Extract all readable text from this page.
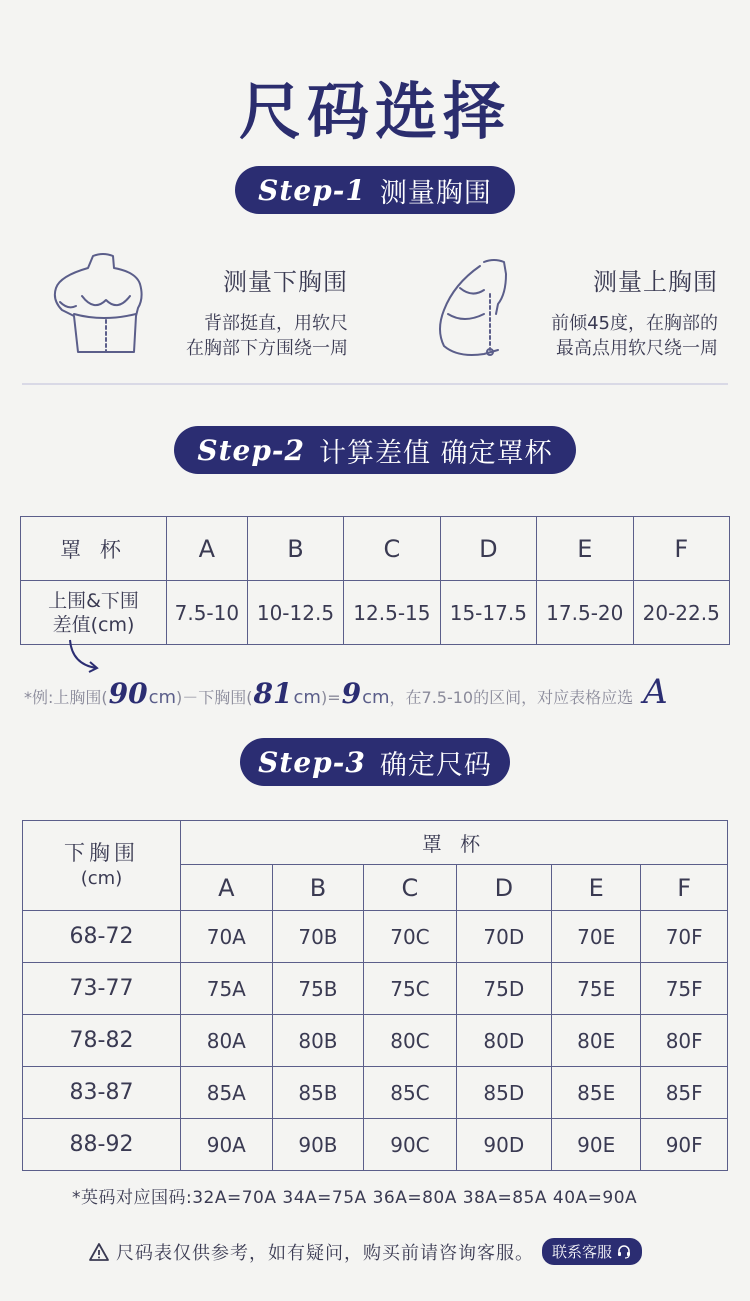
尺码选择
Step-1 测量胸围
测量下胸围
背部挺直，用软尺
在胸部下方围绕一周
测量上胸围
前倾45度，在胸部的
最高点用软尺绕一周
Step-2 计算差值 确定罩杯
罩 杯	A	B	C	D	E	F

上围&下围
差值(cm)	7.5-10	10-12.5	12.5-15	15-17.5	17.5-20	20-22.5
*例:上胸围( 90 cm )－下胸围( 81 cm )= 9 cm ，在7.5-10的区间，对应表格应选 A
Step-3 确定尺码
下胸围
(cm)	罩 杯					
	A	B	C	D	E	F
68-72	70A	70B	70C	70D	70E	70F
73-77	75A	75B	75C	75D	75E	75F
78-82	80A	80B	80C	80D	80E	80F
83-87	85A	85B	85C	85D	85E	85F
88-92	90A	90B	90C	90D	90E	90F
*英码对应国码:32A=70A 34A=75A 36A=80A 38A=85A 40A=90A
尺码表仅供参考，如有疑问，购买前请咨询客服。 联系客服
